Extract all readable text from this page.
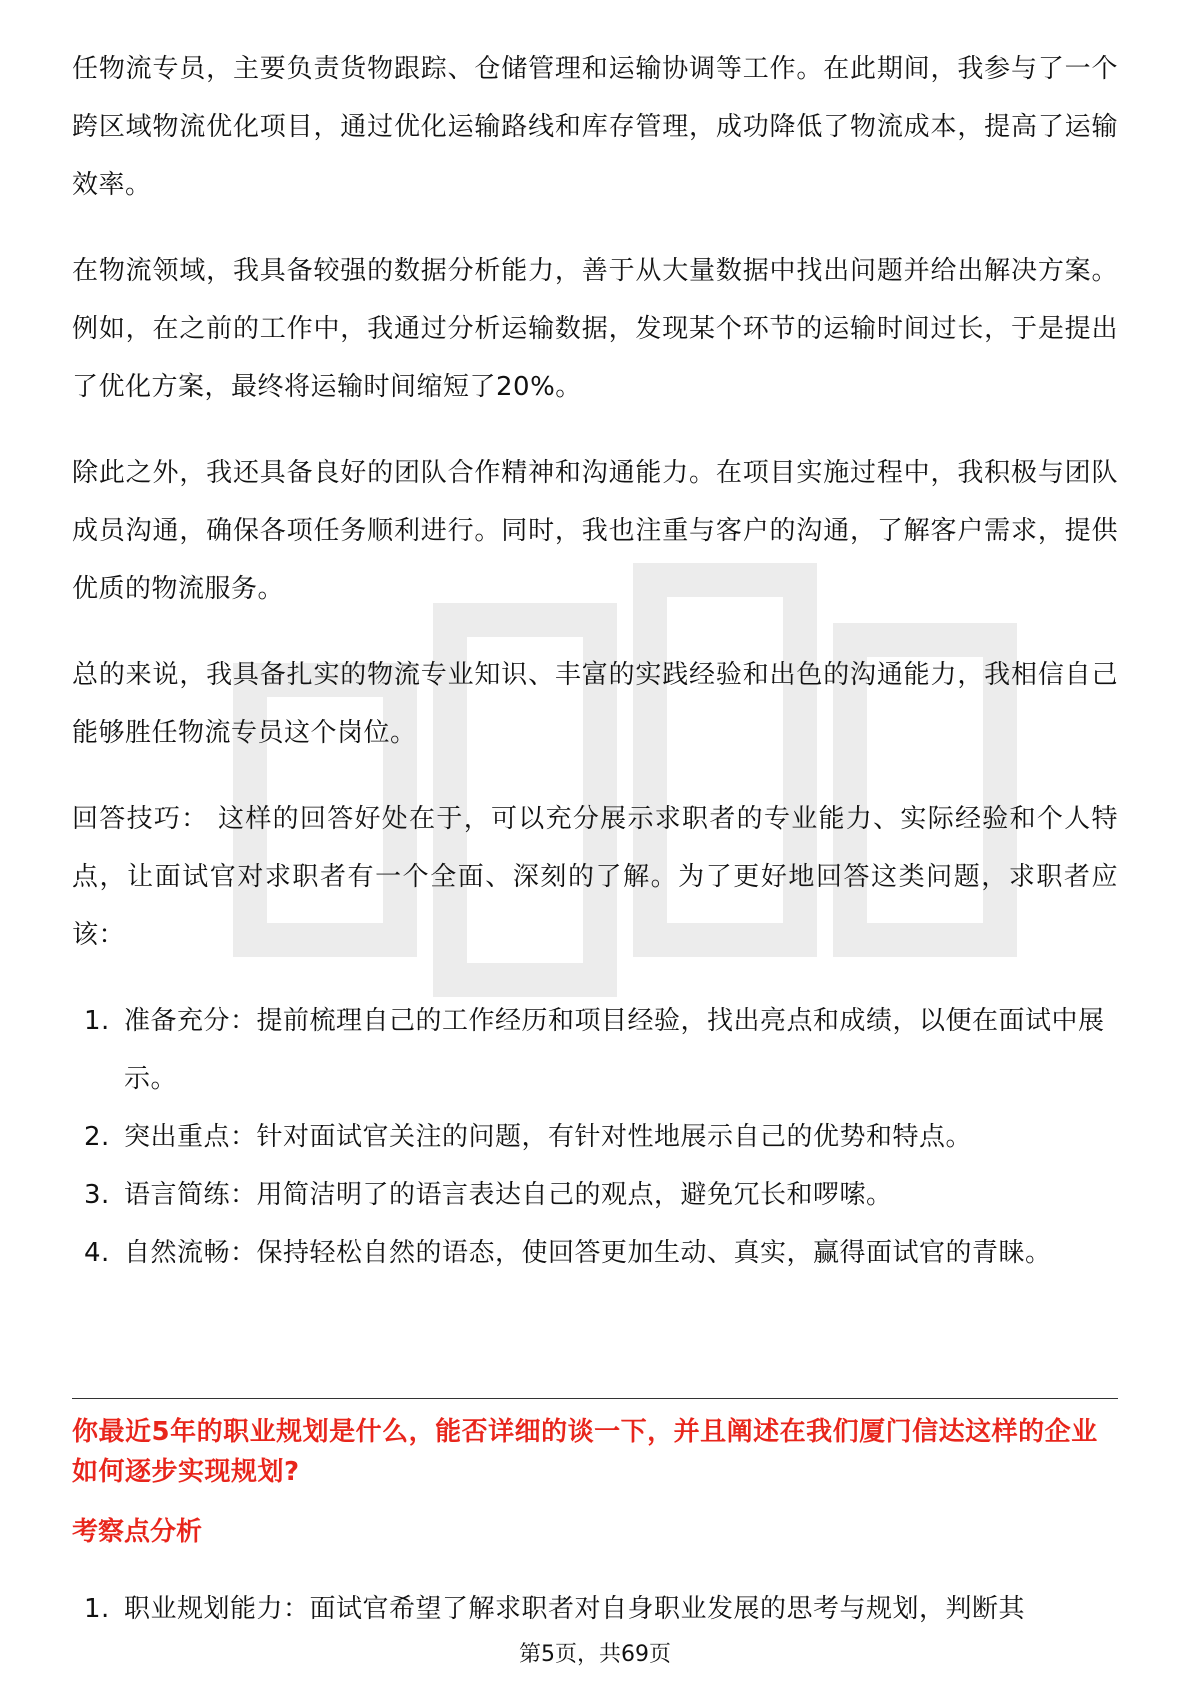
任物流专员，主要负责货物跟踪、仓储管理和运输协调等工作。在此期间，我参与了一个跨区域物流优化项目，通过优化运输路线和库存管理，成功降低了物流成本，提高了运输效率。

在物流领域，我具备较强的数据分析能力，善于从大量数据中找出问题并给出解决方案。例如，在之前的工作中，我通过分析运输数据，发现某个环节的运输时间过长，于是提出了优化方案，最终将运输时间缩短了20%。

除此之外，我还具备良好的团队合作精神和沟通能力。在项目实施过程中，我积极与团队成员沟通，确保各项任务顺利进行。同时，我也注重与客户的沟通，了解客户需求，提供优质的物流服务。

总的来说，我具备扎实的物流专业知识、丰富的实践经验和出色的沟通能力，我相信自己能够胜任物流专员这个岗位。

回答技巧： 这样的回答好处在于，可以充分展示求职者的专业能力、实际经验和个人特点，让面试官对求职者有一个全面、深刻的了解。为了更好地回答这类问题，求职者应该：

1. 准备充分：提前梳理自己的工作经历和项目经验，找出亮点和成绩，以便在面试中展示。
2. 突出重点：针对面试官关注的问题，有针对性地展示自己的优势和特点。
3. 语言简练：用简洁明了的语言表达自己的观点，避免冗长和啰嗦。
4. 自然流畅：保持轻松自然的语态，使回答更加生动、真实，赢得面试官的青睐。
你最近5年的职业规划是什么，能否详细的谈一下，并且阐述在我们厦门信达这样的企业如何逐步实现规划?
考察点分析
1. 职业规划能力：面试官希望了解求职者对自身职业发展的思考与规划，判断其
第5页，共69页
